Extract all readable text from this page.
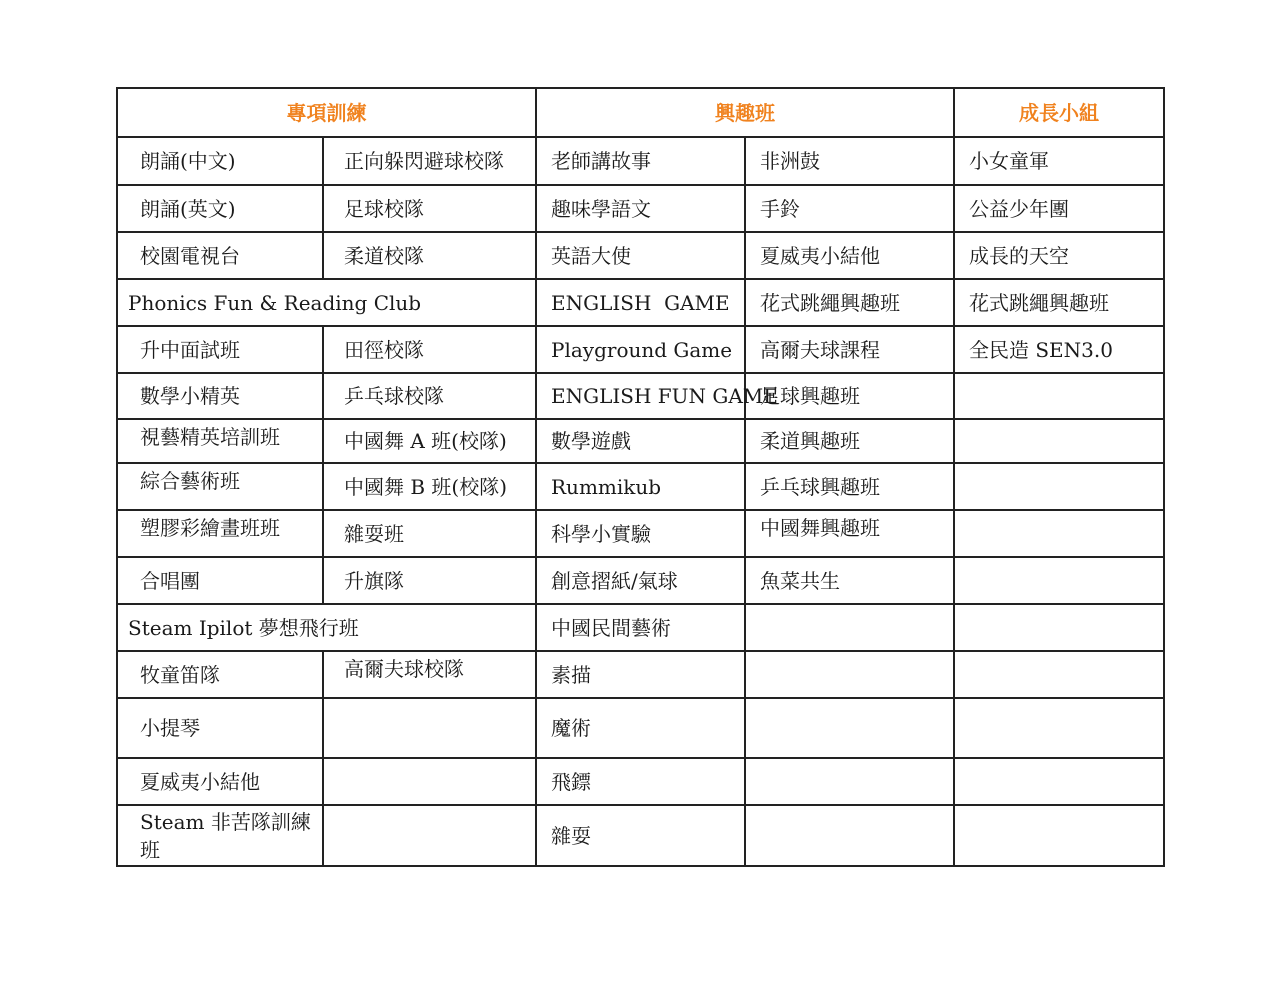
專項訓練		興趣班		成長小組
朗誦(中文)	正向躲閃避球校隊	老師講故事	非洲鼓	小女童軍
朗誦(英文)	足球校隊	趣味學語文	手鈴	公益少年團
校園電視台	柔道校隊	英語大使	夏威夷小結他	成長的天空
Phonics Fun & Reading Club		ENGLISH  GAME	花式跳繩興趣班	花式跳繩興趣班
升中面試班	田徑校隊	Playground Game	高爾夫球課程	全民造 SEN3.0
數學小精英	乒乓球校隊	ENGLISH FUN GAME	足球興趣班	
視藝精英培訓班	中國舞 A 班(校隊)	數學遊戲	柔道興趣班	
綜合藝術班	中國舞 B 班(校隊)	Rummikub	乒乓球興趣班	
塑膠彩繪畫班班	雜耍班	科學小實驗	中國舞興趣班	
合唱團	升旗隊	創意摺紙/氣球	魚菜共生	
Steam Ipilot 夢想飛行班		中國民間藝術		
牧童笛隊	高爾夫球校隊	素描		
小提琴		魔術		
夏威夷小結他		飛鏢		
Steam 非苦隊訓練班		雜耍		
